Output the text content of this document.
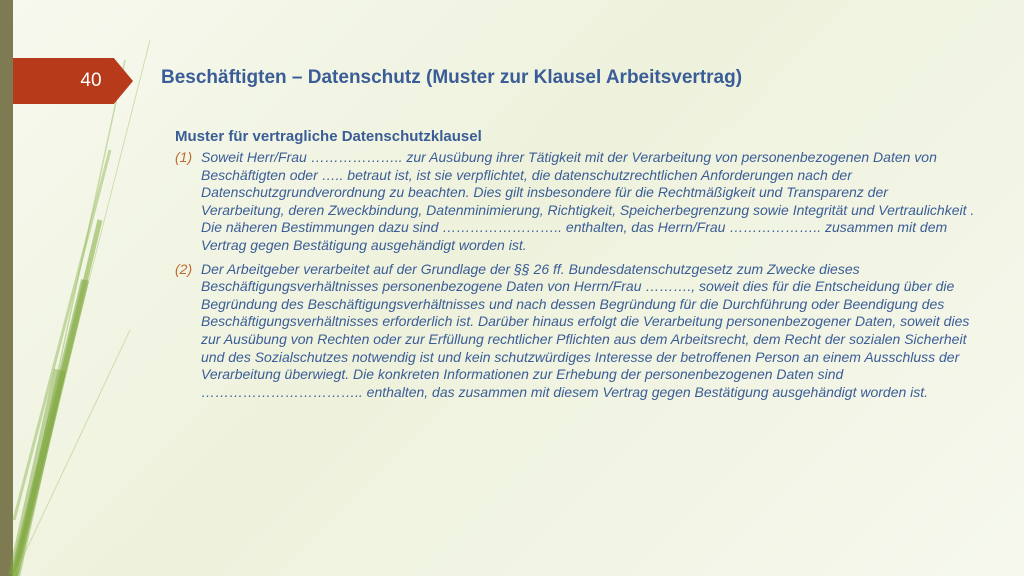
40	Beschäftigten – Datenschutz (Muster zur Klausel Arbeitsvertrag)

Muster für vertragliche Datenschutzklausel

(1) Soweit Herr/Frau ……………….. zur Ausübung ihrer Tätigkeit mit der Verarbeitung von personenbezogenen Daten von Beschäftigten oder ….. betraut ist, ist sie verpflichtet, die datenschutzrechtlichen Anforderungen nach der Datenschutzgrundverordnung zu beachten. Dies gilt insbesondere für die Rechtmäßigkeit und Transparenz der Verarbeitung, deren Zweckbindung, Datenminimierung, Richtigkeit, Speicherbegrenzung sowie Integrität und Vertraulichkeit . Die näheren Bestimmungen dazu sind …………………….. enthalten, das Herrn/Frau ……………….. zusammen mit dem Vertrag gegen Bestätigung ausgehändigt worden ist.
(2) Der Arbeitgeber verarbeitet auf der Grundlage der §§ 26 ff. Bundesdatenschutzgesetz zum Zwecke dieses Beschäftigungsverhältnisses personenbezogene Daten von Herrn/Frau ………., soweit dies für die Entscheidung über die Begründung des Beschäftigungsverhältnisses und nach dessen Begründung für die Durchführung oder Beendigung des Beschäftigungsverhältnisses erforderlich ist. Darüber hinaus erfolgt die Verarbeitung personenbezogener Daten, soweit dies zur Ausübung von Rechten oder zur Erfüllung rechtlicher Pflichten aus dem Arbeitsrecht, dem Recht der sozialen Sicherheit und des Sozialschutzes notwendig ist und kein schutzwürdiges Interesse der betroffenen Person an einem Ausschluss der Verarbeitung überwiegt. Die konkreten Informationen zur Erhebung der personenbezogenen Daten sind …………………………….. enthalten, das zusammen mit diesem Vertrag gegen Bestätigung ausgehändigt worden ist.
